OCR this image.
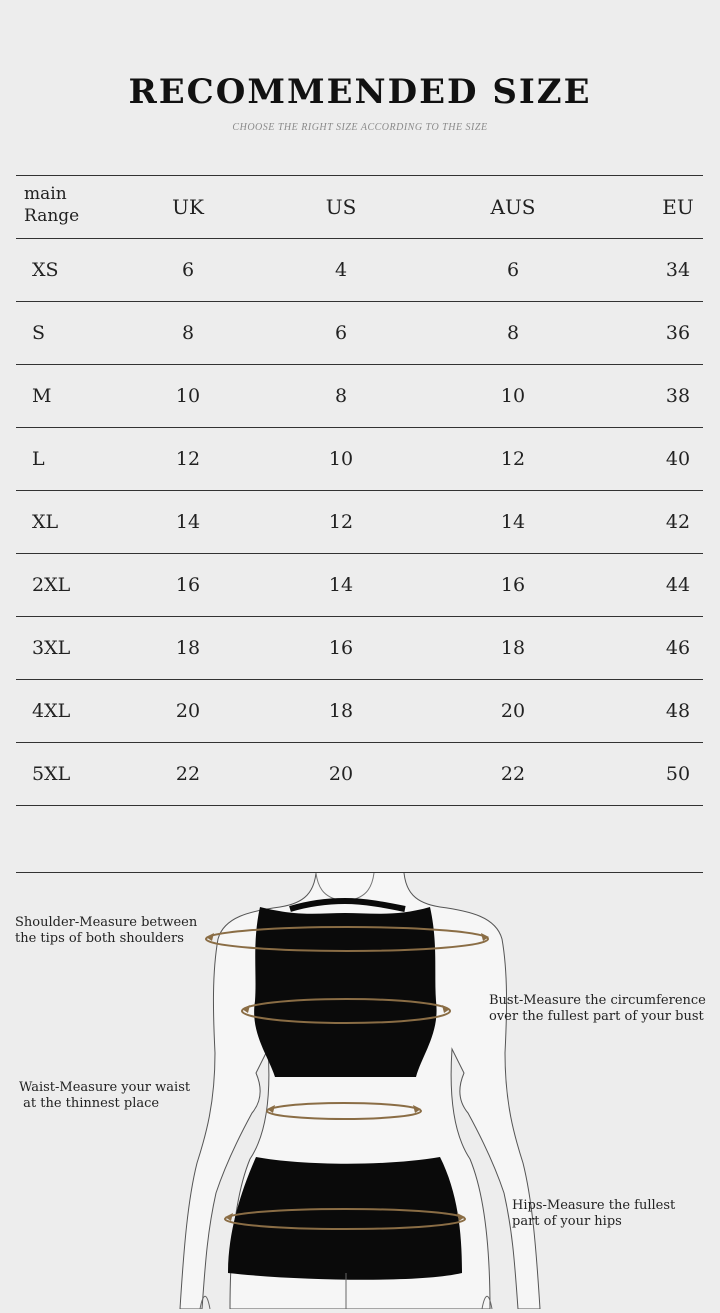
RECOMMENDED SIZE
CHOOSE THE RIGHT SIZE ACCORDING TO THE SIZE
main
Range	UK	US	AUS	EU
XS	6	4	6	34
S	8	6	8	36
M	10	8	10	38
L	12	10	12	40
XL	14	12	14	42
2XL	16	14	16	44
3XL	18	16	18	46
4XL	20	18	20	48
5XL	22	20	22	50
Shoulder-Measure between
the tips of both shoulders
Bust-Measure the circumference
over the fullest part of your bust
Waist-Measure your waist
at the thinnest place
Hips-Measure the fullest
part of your hips
